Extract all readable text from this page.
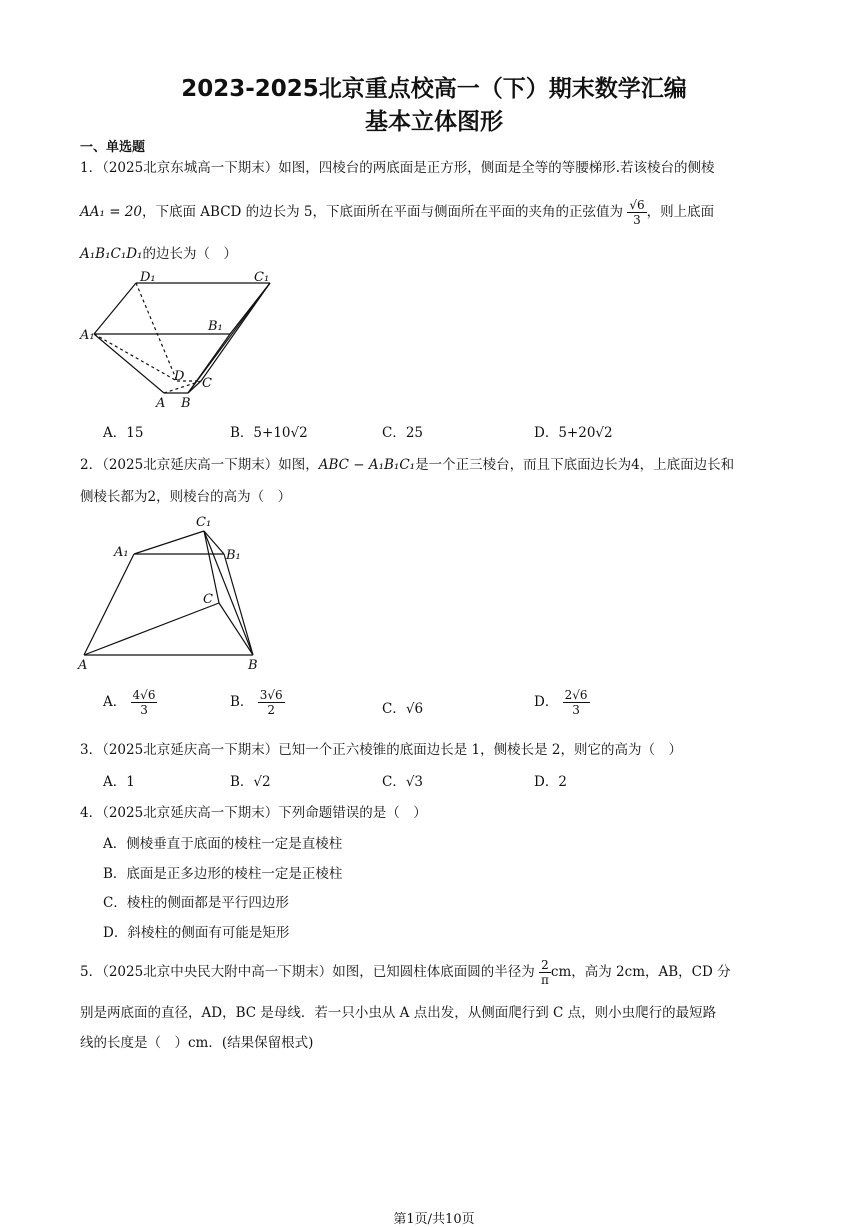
2023-2025北京重点校高一（下）期末数学汇编
基本立体图形
一、单选题
1．（2025北京东城高一下期末）如图，四棱台的两底面是正方形，侧面是全等的等腰梯形.若该棱台的侧棱
AA₁ = 20，下底面 ABCD 的边长为 5，下底面所在平面与侧面所在平面的夹角的正弦值为 $\frac{√6}{3}$ ，则上底面
A₁B₁C₁D₁的边长为（　）
D₁	C₁
A₁
B₁
D C
A B
A．15	B．5+10√2	C．25	D．5+20√2
2．（2025北京延庆高一下期末）如图，ABC − A₁B₁C₁是一个正三棱台，而且下底面边长为4，上底面边长和
侧棱长都为2，则棱台的高为（　）
C₁
A₁	B₁
C
A	B
A． $\frac{4√6}{3}$	B． $\frac{3√6}{2}$	C．√6	D． $\frac{2√6}{3}$
3．（2025北京延庆高一下期末）已知一个正六棱锥的底面边长是 1，侧棱长是 2，则它的高为（　）
A．1	B．√2	C．√3	D．2
4．（2025北京延庆高一下期末）下列命题错误的是（　）
A．侧棱垂直于底面的棱柱一定是直棱柱
B．底面是正多边形的棱柱一定是正棱柱
C．棱柱的侧面都是平行四边形
D．斜棱柱的侧面有可能是矩形
5．（2025北京中央民大附中高一下期末）如图，已知圆柱体底面圆的半径为 $\frac{2}{\pi}$ cm，高为 2cm，AB，CD 分
别是两底面的直径，AD，BC 是母线．若一只小虫从 A 点出发，从侧面爬行到 C 点，则小虫爬行的最短路
线的长度是（　）cm．(结果保留根式)
第1页/共10页
